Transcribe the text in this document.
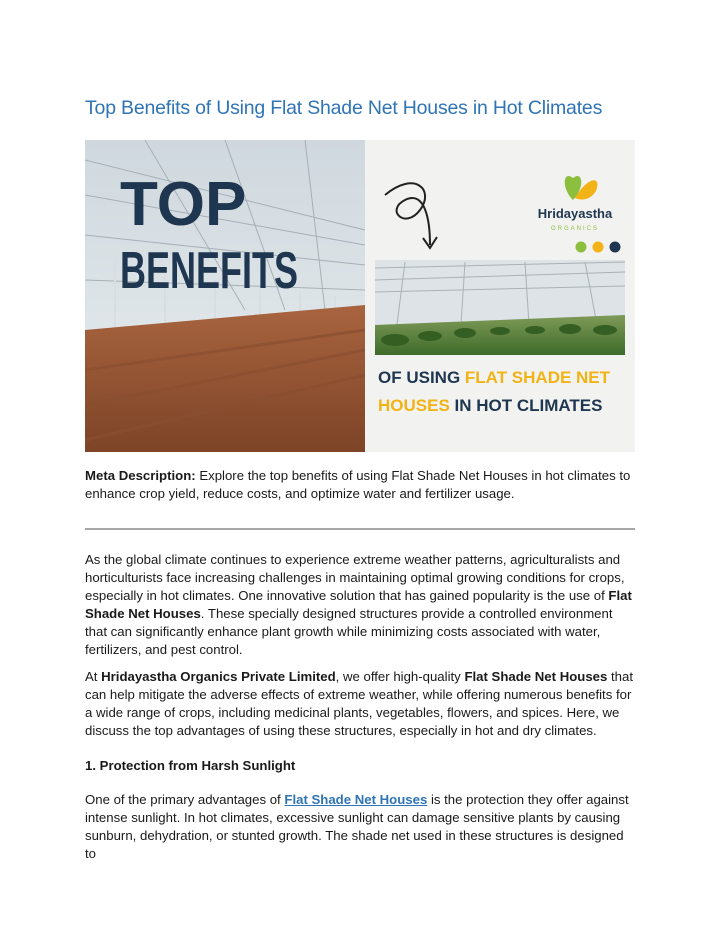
Top Benefits of Using Flat Shade Net Houses in Hot Climates
Hridayastha
ORGANICS
TOP
BENEFITS
OF USING FLAT SHADE NET
HOUSES IN HOT CLIMATES

Meta Description: Explore the top benefits of using Flat Shade Net Houses in hot climates to enhance crop yield, reduce costs, and optimize water and fertilizer usage.

As the global climate continues to experience extreme weather patterns, agriculturalists and horticulturists face increasing challenges in maintaining optimal growing conditions for crops, especially in hot climates. One innovative solution that has gained popularity is the use of Flat Shade Net Houses. These specially designed structures provide a controlled environment that can significantly enhance plant growth while minimizing costs associated with water, fertilizers, and pest control.

At Hridayastha Organics Private Limited, we offer high-quality Flat Shade Net Houses that can help mitigate the adverse effects of extreme weather, while offering numerous benefits for a wide range of crops, including medicinal plants, vegetables, flowers, and spices. Here, we discuss the top advantages of using these structures, especially in hot and dry climates.

1. Protection from Harsh Sunlight

One of the primary advantages of Flat Shade Net Houses is the protection they offer against intense sunlight. In hot climates, excessive sunlight can damage sensitive plants by causing sunburn, dehydration, or stunted growth. The shade net used in these structures is designed to
